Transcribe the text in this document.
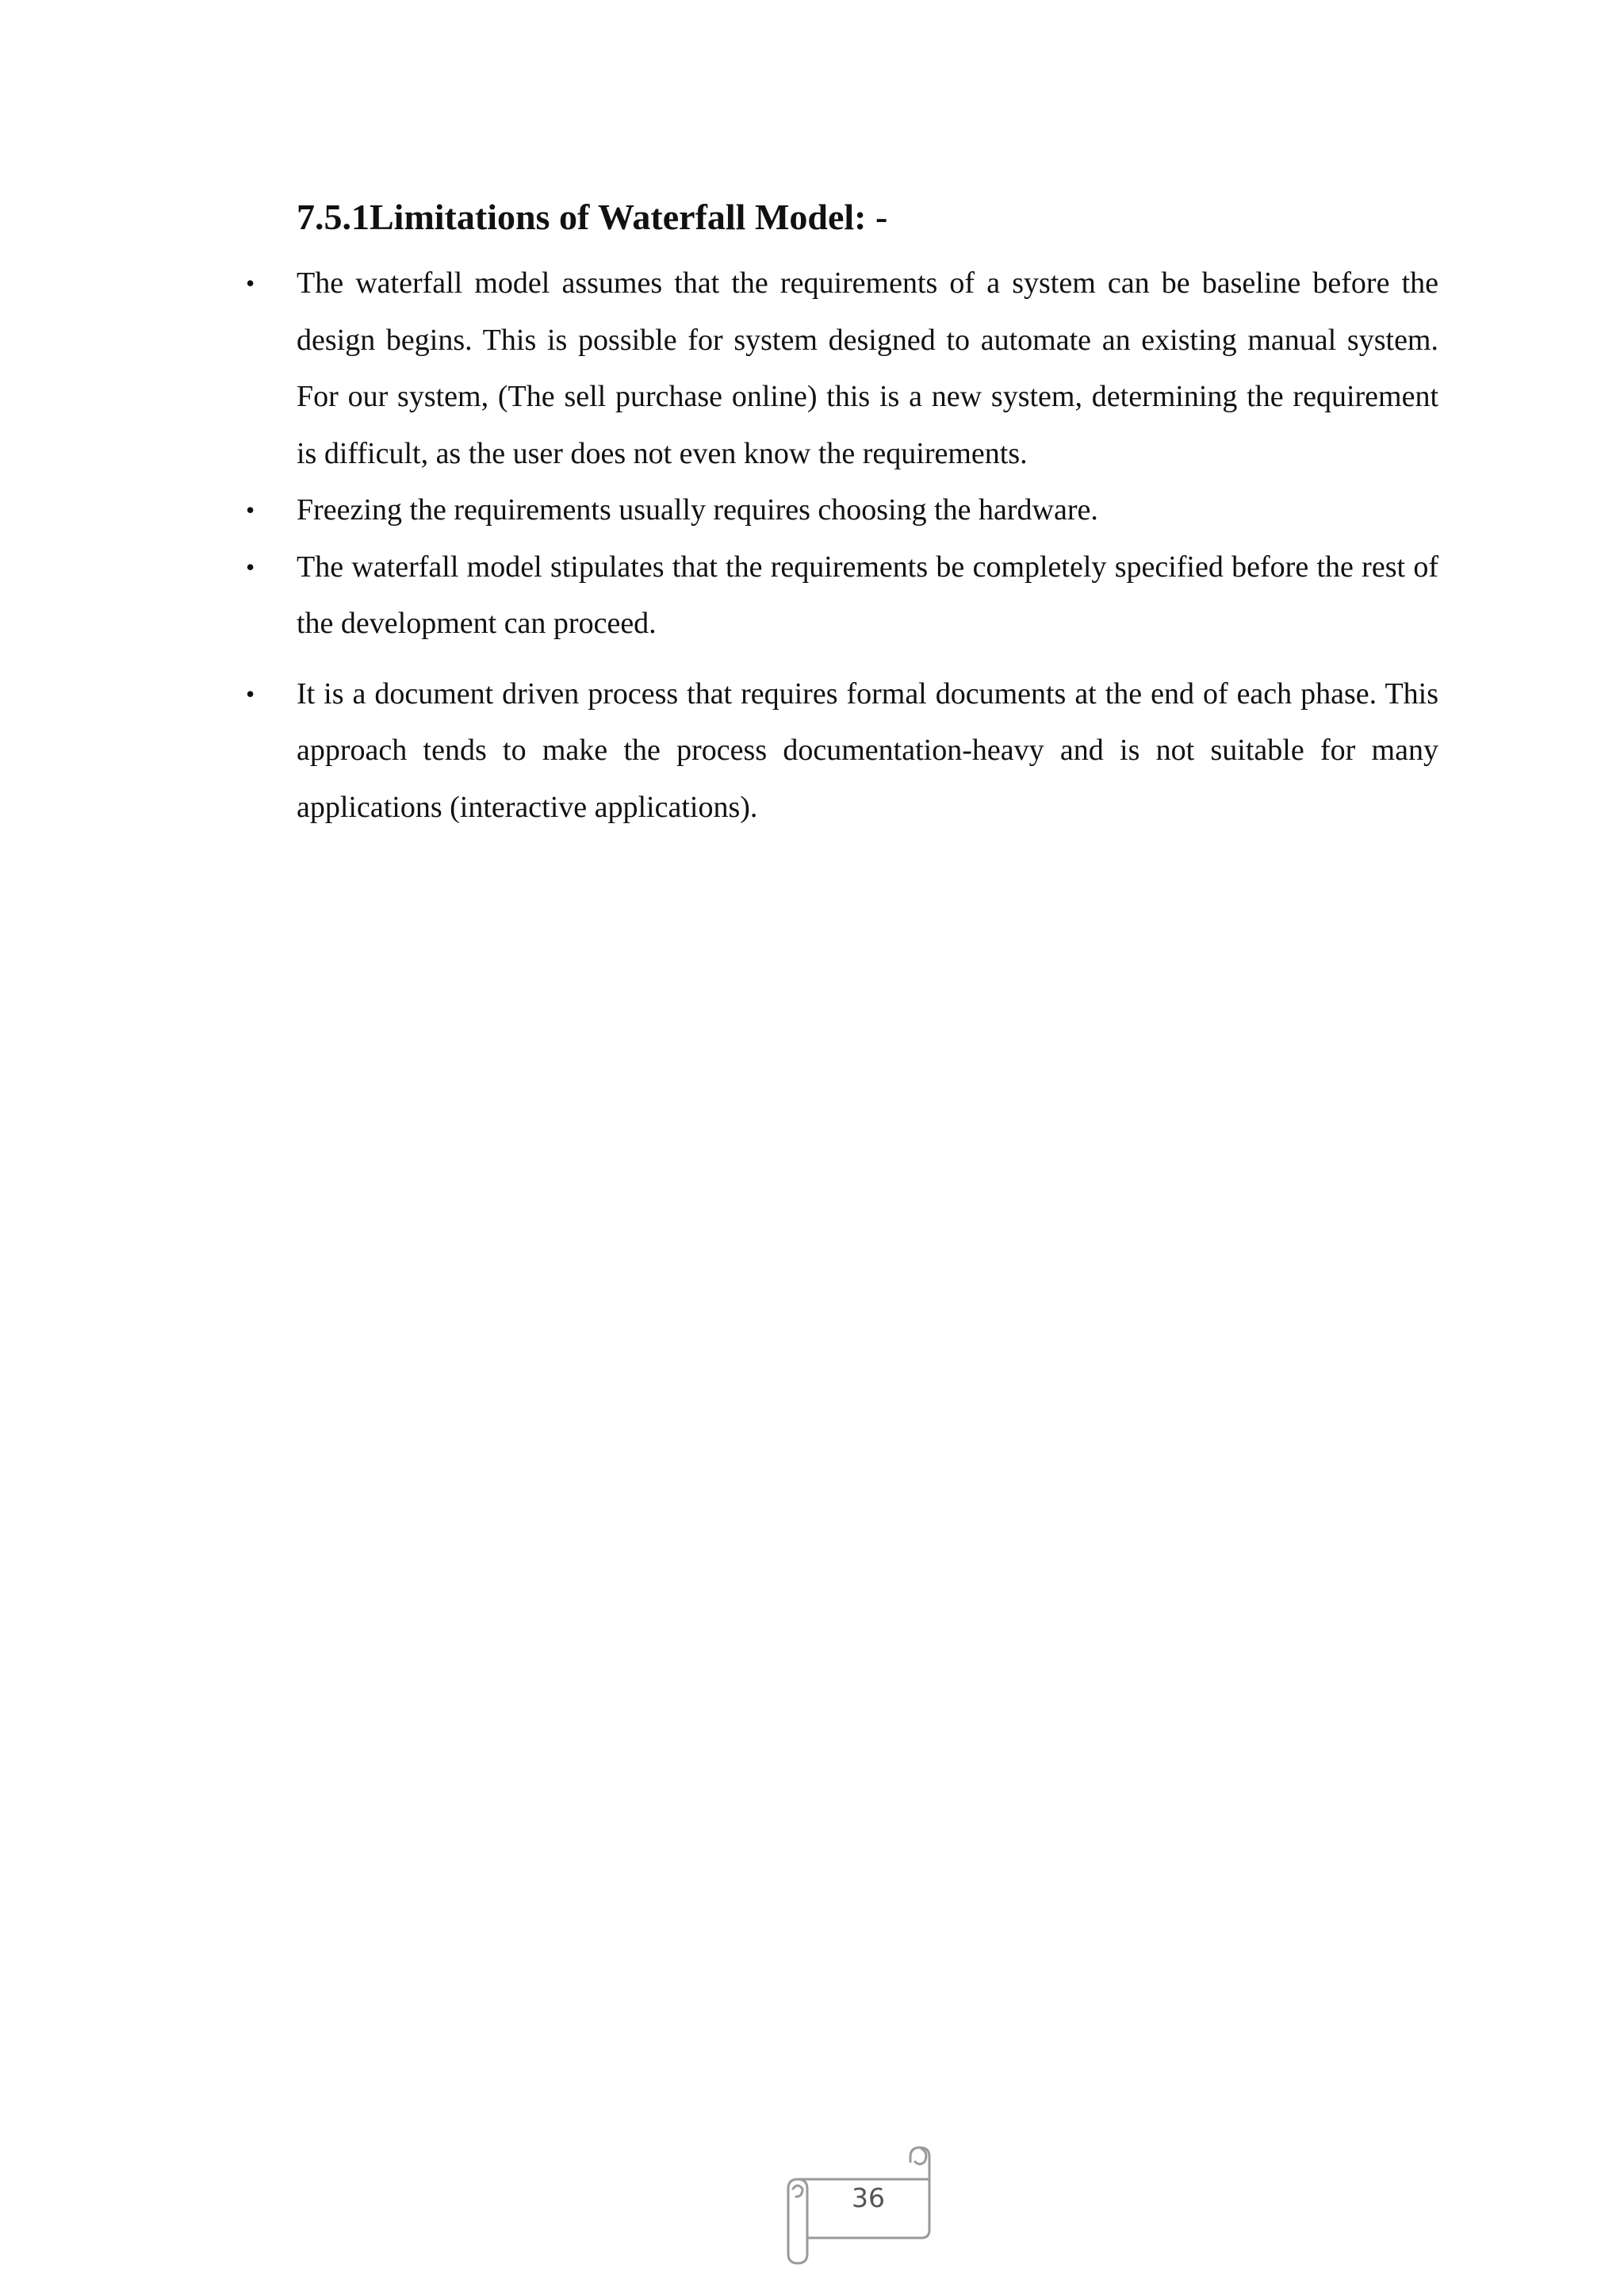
7.5.1Limitations of Waterfall Model: -
• The waterfall model assumes that the requirements of a system can be baseline before the design begins. This is possible for system designed to automate an existing manual system. For our system, (The sell purchase online) this is a new system, determining the requirement is difficult, as the user does not even know the requirements.
• Freezing the requirements usually requires choosing the hardware.
• The waterfall model stipulates that the requirements be completely specified before the rest of the development can proceed.
• It is a document driven process that requires formal documents at the end of each phase. This approach tends to make the process documentation-heavy and is not suitable for many applications (interactive applications).
36
